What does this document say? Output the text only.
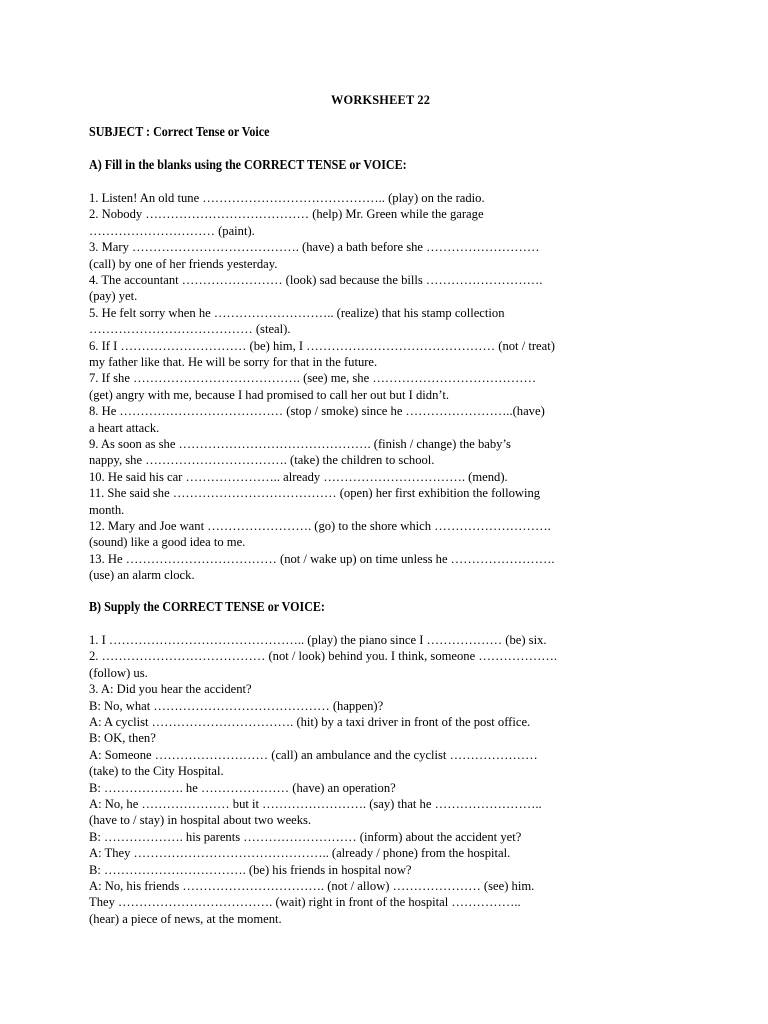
WORKSHEET 22

SUBJECT : Correct Tense or Voice

A) Fill in the blanks using the CORRECT TENSE or VOICE:

1. Listen! An old tune …………………………………….. (play) on the radio.

2. Nobody ………………………………… (help) Mr. Green while the garage

………………………… (paint).

3. Mary …………………………………. (have) a bath before she ………………………

(call) by one of her friends yesterday.

4. The accountant …………………… (look) sad because the bills ……………………….

(pay) yet.

5. He felt sorry when he ……………………….. (realize) that his stamp collection

………………………………… (steal).

6. If I ………………………… (be) him, I ……………………………………… (not / treat)

my father like that. He will be sorry for that in the future.

7. If she …………………………………. (see) me, she …………………………………

(get) angry with me, because I had promised to call her out but I didn’t.

8. He ………………………………… (stop / smoke) since he ……………………..(have)

a heart attack.

9. As soon as she ………………………………………. (finish / change) the baby’s

nappy, she ……………………………. (take) the children to school.

10. He said his car ………………….. already ……………………………. (mend).

11. She said she ………………………………… (open) her first exhibition the following

month.

12. Mary and Joe want ……………………. (go) to the shore which ……………………….

(sound) like a good idea to me.

13. He ……………………………… (not / wake up) on time unless he …………………….

(use) an alarm clock.

B) Supply the CORRECT TENSE or VOICE:

1. I ……………………………………….. (play) the piano since I ……………… (be) six.

2. ………………………………… (not / look) behind you. I think, someone ……………….

(follow) us.

3. A: Did you hear the accident?

B: No, what …………………………………… (happen)?

A: A cyclist ……………………………. (hit) by a taxi driver in front of the post office.

B: OK, then?

A: Someone ……………………… (call) an ambulance and the cyclist …………………

(take) to the City Hospital.

B: ………………. he ………………… (have) an operation?

A: No, he ………………… but it ……………………. (say) that he ……………………..

(have to / stay) in hospital about two weeks.

B: ………………. his parents ……………………… (inform) about the accident yet?

A: They ……………………………………….. (already / phone) from the hospital.

B: ……………………………. (be) his friends in hospital now?

A: No, his friends ……………………………. (not / allow) ………………… (see) him.

They ………………………………. (wait) right in front of the hospital ……………..

(hear) a piece of news, at the moment.
